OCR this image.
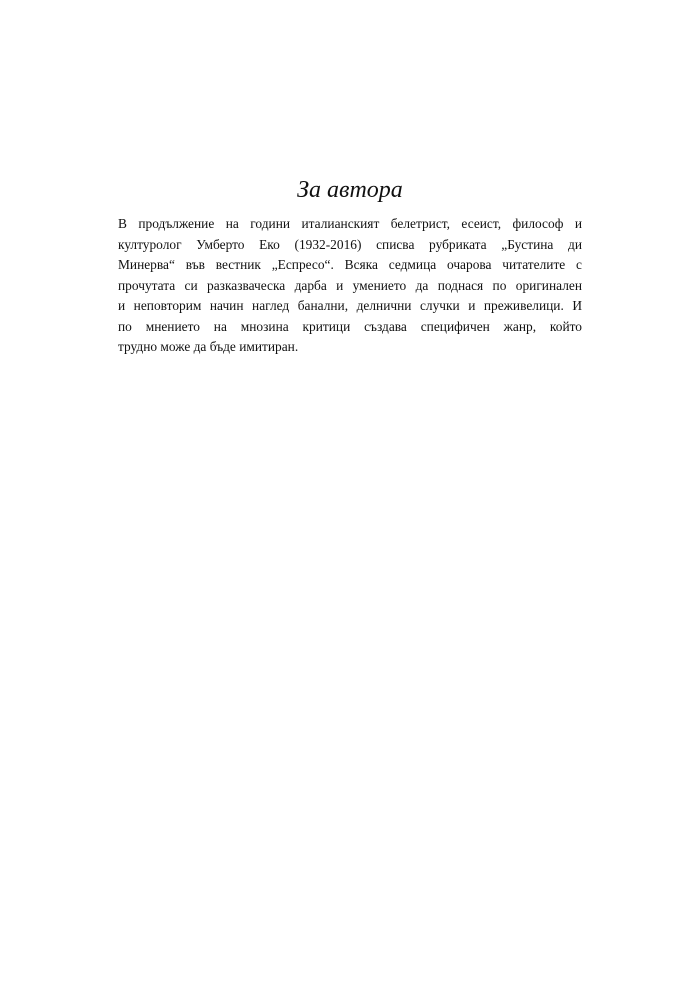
За автора
В продължение на години италианският белетрист, есеист, философ и
културолог Умберто Еко (1932-2016) списва рубриката „Бустина ди
Минерва“ във вестник „Еспресо“. Всяка седмица очарова читателите с
прочутата си разказваческа дарба и умението да поднася по оригинален
и неповторим начин наглед банални, делнични случки и преживелици. И
по мнението на мнозина критици създава специфичен жанр, който
трудно може да бъде имитиран.
